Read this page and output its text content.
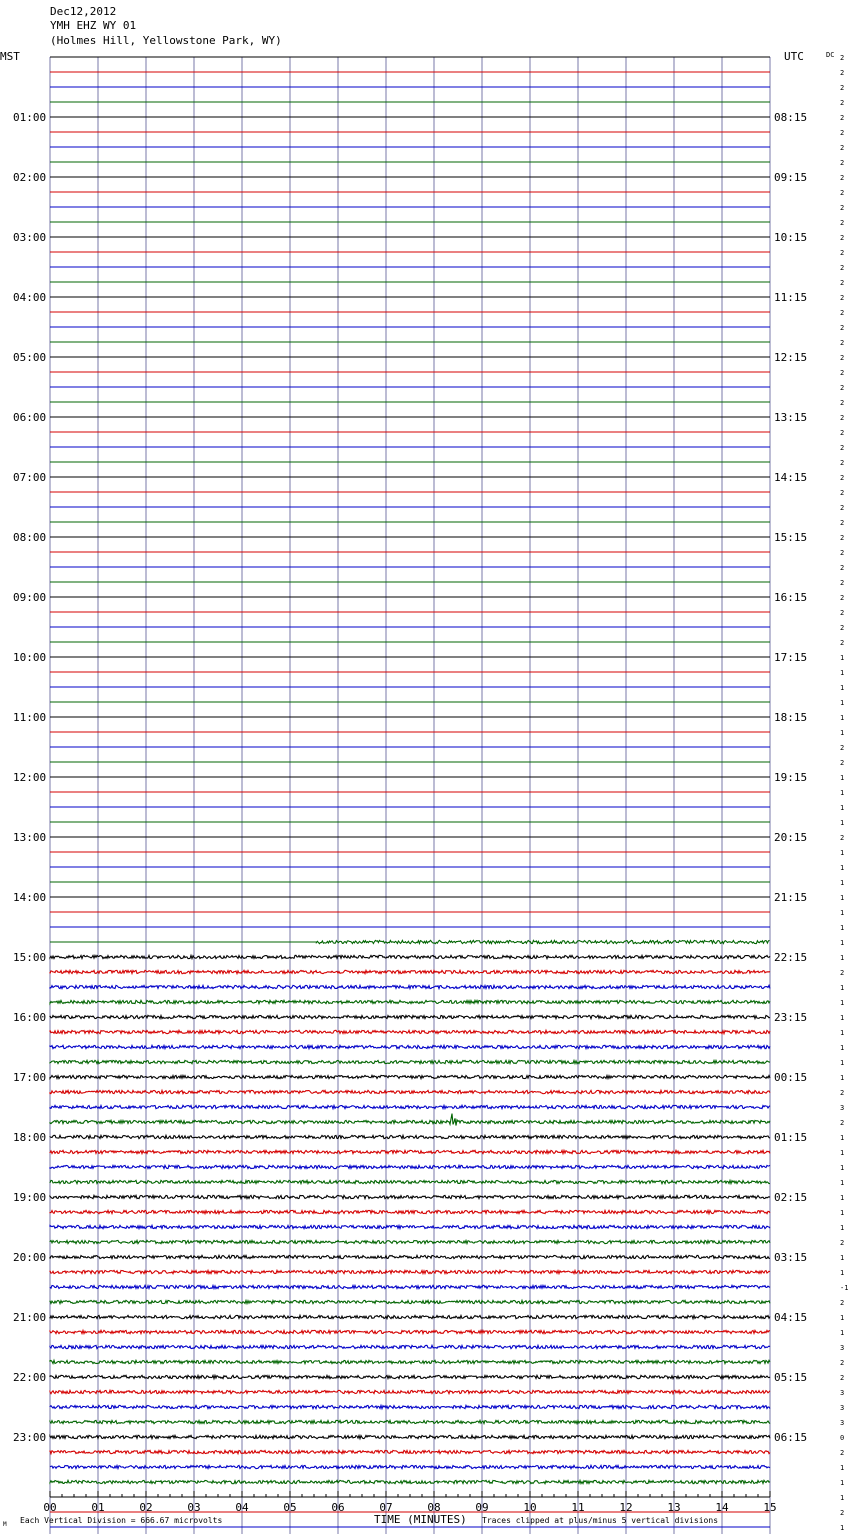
Dec12,2012
YMH EHZ WY 01
(Holmes Hill, Yellowstone Park, WY)
MST	UTC	DC
TIME (MINUTES)
M Each Vertical Division = 666.67 microvolts	Traces clipped at plus/minus 5 vertical divisions
2
2
2
2
2
2
2
2
2
2
2
2
2
2
2
2
2
2
2
2
2
2
2
2
2
2
2
2
2
2
2
2
2
2
2
2
2
2
2
2
1
1
1
1
1
1
2
2
1
1
1
1
2
1
1
1
1
1
1
1
1
2
1
1
1
1
1
1
1
2
3
2
1
1
1
1
1
1
1
2
1
1
-1
2
1
1
3
2
2
3
3
3
0
2
1
1
1
2
1
01:00
02:00
03:00
04:00
05:00
06:00
07:00
08:00
09:00
10:00
11:00
12:00
13:00
14:00
15:00
16:00
17:00
18:00
19:00
20:00
21:00
22:00
23:00
08:15
09:15
10:15
11:15
12:15
13:15
14:15
15:15
16:15
17:15
18:15
19:15
20:15
21:15
22:15
23:15
00:15
01:15
02:15
03:15
04:15
05:15
06:15
00	01	02	03	04	05	06	07	08	09	10	11	12	13	14	15
